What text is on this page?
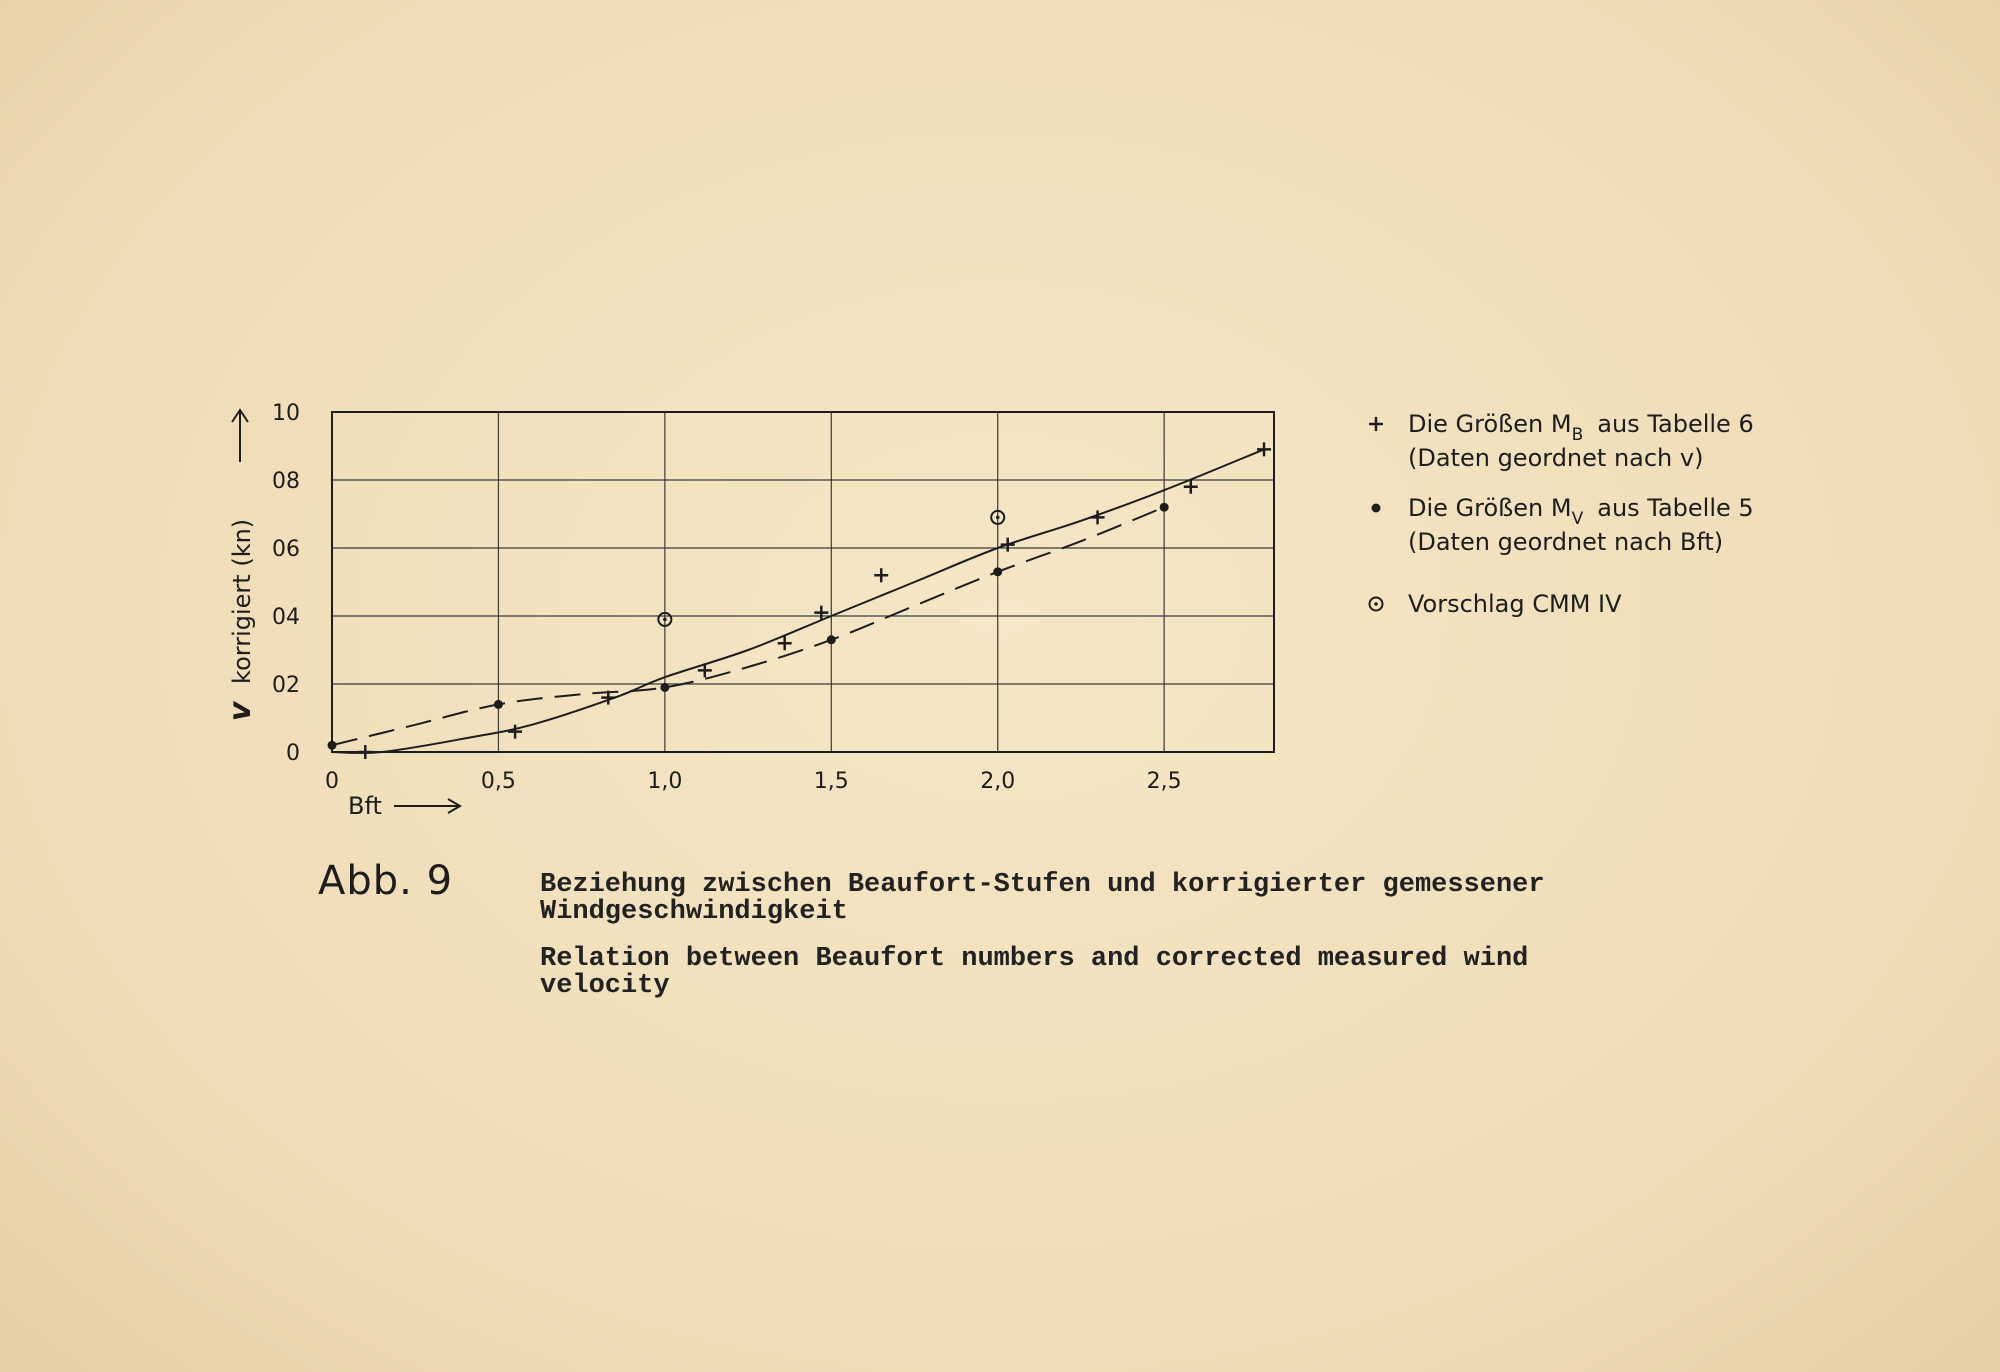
0	0,5	1,0	1,5	2,0	2,5
0
02
04
06
08
10
v korrigiert (kn)
Bft
Die Größen $M_B$ aus Tabelle 6
(Daten geordnet nach v)
Die Größen $M_V$ aus Tabelle 5
(Daten geordnet nach Bft)
Vorschlag CMM IV
Abb. 9	Beziehung zwischen Beaufort-Stufen und korrigierter gemessener Windgeschwindigkeit
Relation between Beaufort numbers and corrected measured wind velocity
